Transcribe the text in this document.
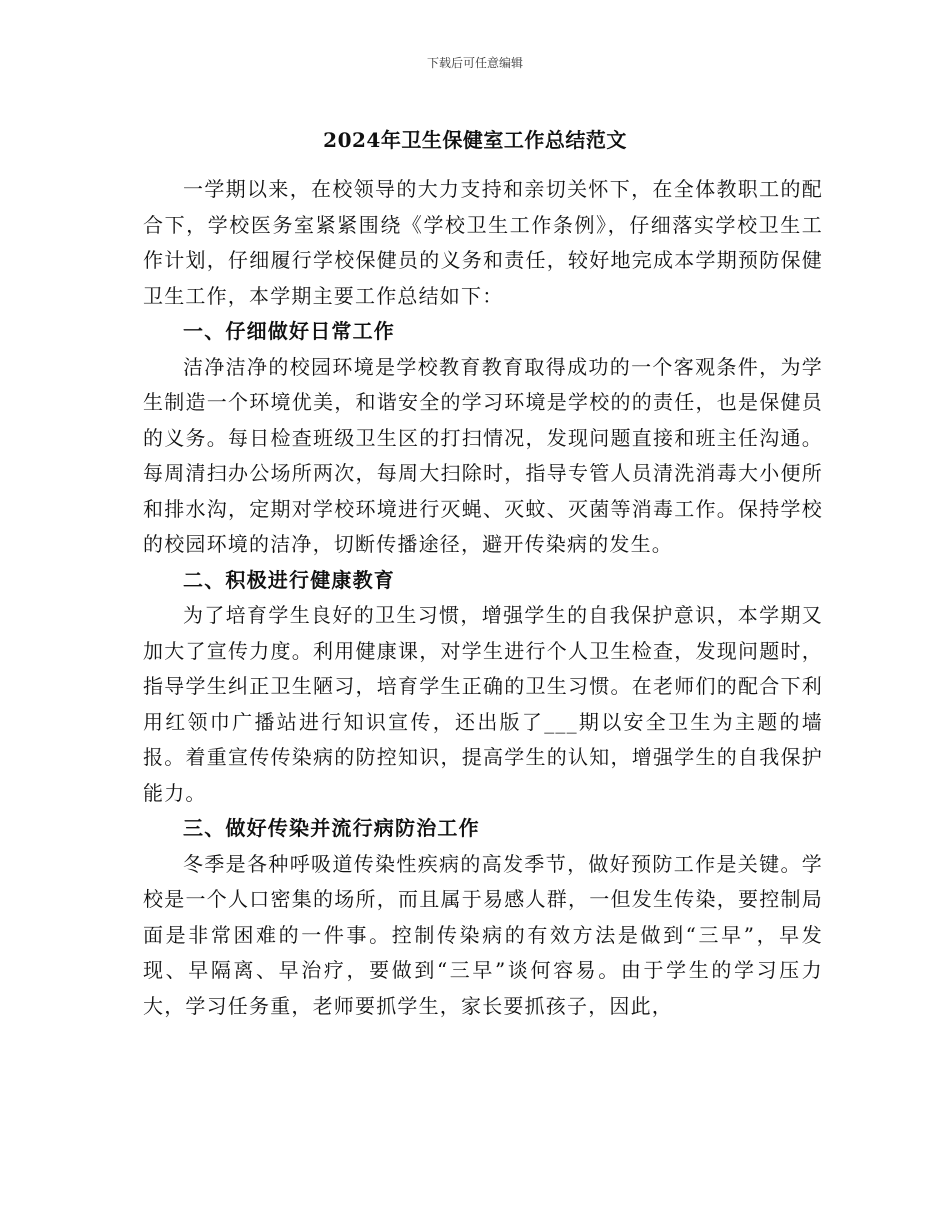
下载后可任意编辑
2024年卫生保健室工作总结范文

一学期以来，在校领导的大力支持和亲切关怀下，在全体教职工的配合下，学校医务室紧紧围绕《学校卫生工作条例》，仔细落实学校卫生工作计划，仔细履行学校保健员的义务和责任，较好地完成本学期预防保健卫生工作，本学期主要工作总结如下：

一、仔细做好日常工作

洁净洁净的校园环境是学校教育教育取得成功的一个客观条件，为学生制造一个环境优美，和谐安全的学习环境是学校的的责任，也是保健员的义务。每日检查班级卫生区的打扫情况，发现问题直接和班主任沟通。每周清扫办公场所两次，每周大扫除时，指导专管人员清洗消毒大小便所和排水沟，定期对学校环境进行灭蝇、灭蚊、灭菌等消毒工作。保持学校的校园环境的洁净，切断传播途径，避开传染病的发生。

二、积极进行健康教育

为了培育学生良好的卫生习惯，增强学生的自我保护意识，本学期又加大了宣传力度。利用健康课，对学生进行个人卫生检查，发现问题时，指导学生纠正卫生陋习，培育学生正确的卫生习惯。在老师们的配合下利用红领巾广播站进行知识宣传，还出版了___期以安全卫生为主题的墙报。着重宣传传染病的防控知识，提高学生的认知，增强学生的自我保护能力。

三、做好传染并流行病防治工作

冬季是各种呼吸道传染性疾病的高发季节，做好预防工作是关键。学校是一个人口密集的场所，而且属于易感人群，一但发生传染，要控制局面是非常困难的一件事。控制传染病的有效方法是做到“三早”，早发现、早隔离、早治疗，要做到“三早”谈何容易。由于学生的学习压力大，学习任务重，老师要抓学生，家长要抓孩子，因此，
